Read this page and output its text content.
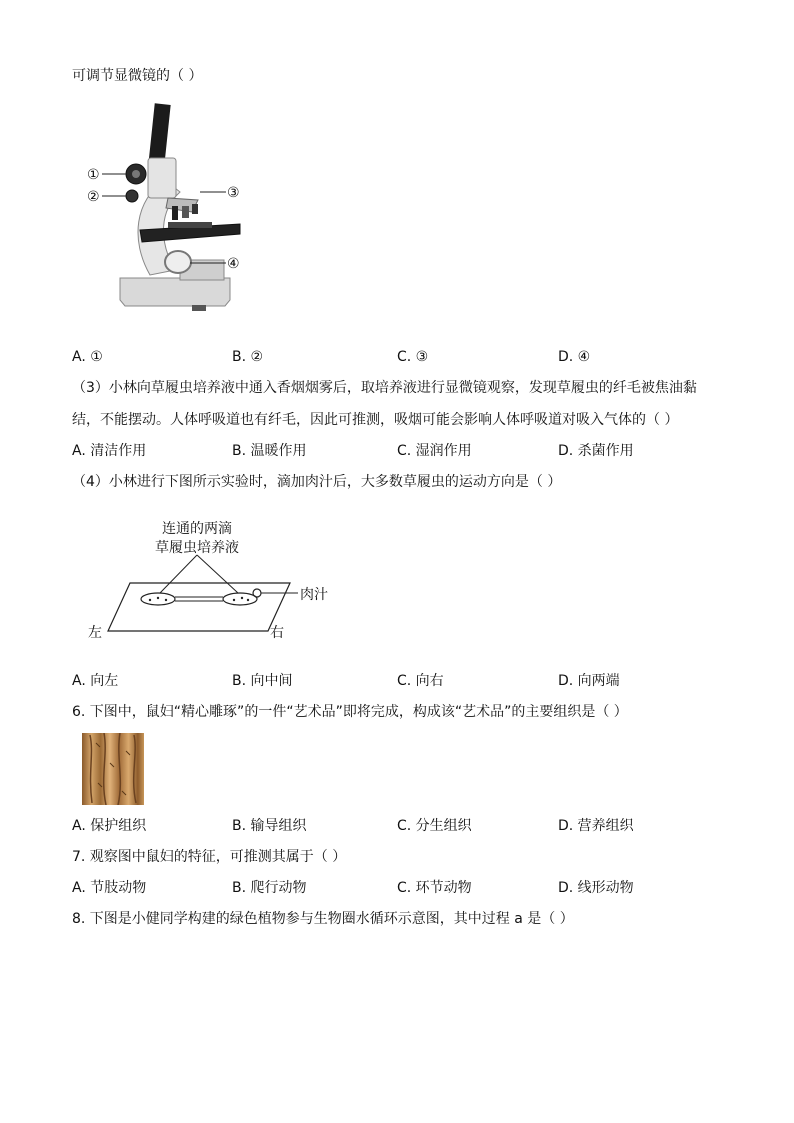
可调节显微镜的（ ）
①
②	③
④
A. ①	B. ②	C. ③	D. ④
（3）小林向草履虫培养液中通入香烟烟雾后，取培养液进行显微镜观察，发现草履虫的纤毛被焦油黏
结，不能摆动。人体呼吸道也有纤毛，因此可推测，吸烟可能会影响人体呼吸道对吸入气体的（ ）
A. 清洁作用	B. 温暖作用	C. 湿润作用	D. 杀菌作用
（4）小林进行下图所示实验时，滴加肉汁后，大多数草履虫的运动方向是（ ）
连通的两滴
草履虫培养液
肉汁
左	右
A. 向左	B. 向中间	C. 向右	D. 向两端
6. 下图中，鼠妇“精心雕琢”的一件“艺术品”即将完成，构成该“艺术品”的主要组织是（ ）
A. 保护组织	B. 输导组织	C. 分生组织	D. 营养组织
7. 观察图中鼠妇的特征，可推测其属于（ ）
A. 节肢动物	B. 爬行动物	C. 环节动物	D. 线形动物
8. 下图是小健同学构建的绿色植物参与生物圈水循环示意图，其中过程 a 是（ ）
